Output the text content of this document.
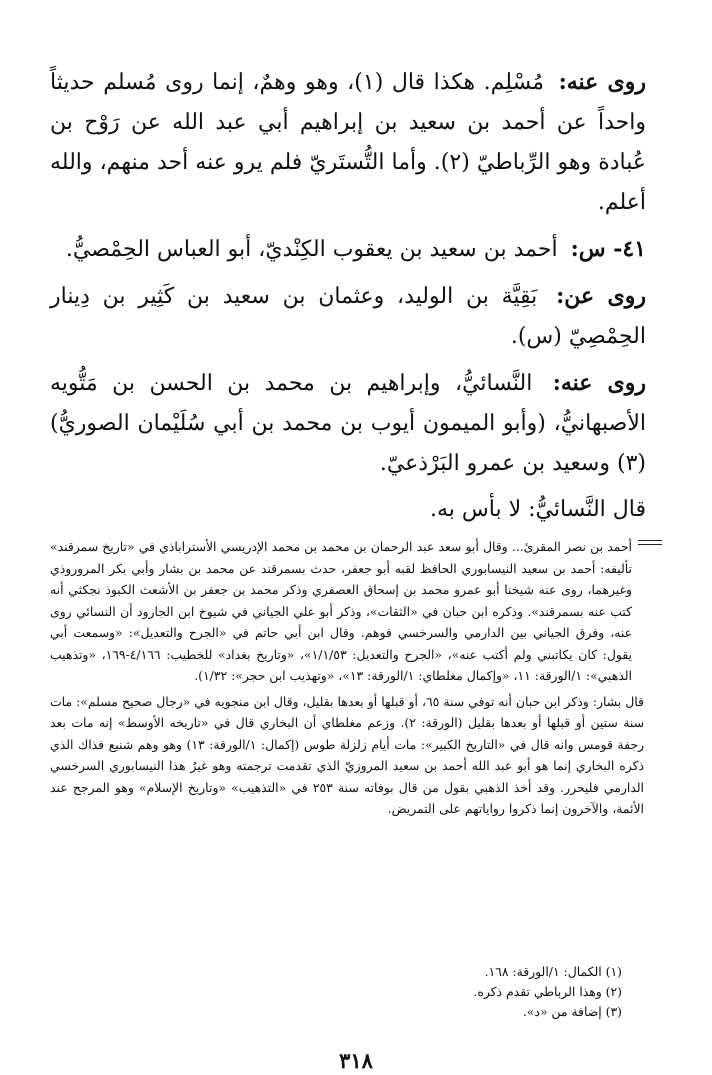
روى عنه: مُسْلِم. هكذا قال (١)، وهو وهمٌ، إنما روى مُسلم حديثاً واحداً عن أحمد بن سعيد بن إبراهيم أبي عبد الله عن رَوْح بن عُبادة وهو الرِّباطيّ (٢). وأما التُّستَريّ فلم يرو عنه أحد منهم، والله أعلم.

٤١- س: أحمد بن سعيد بن يعقوب الكِنْديّ، أبو العباس الحِمْصيُّ.

روى عن: بَقِيَّة بن الوليد، وعثمان بن سعيد بن كَثِير بن دِينار الحِمْصِيّ (س).

روى عنه: النَّسائيُّ، وإبراهيم بن محمد بن الحسن بن مَتُّويه الأصبهانيُّ، (وأبو الميمون أيوب بن محمد بن أبي سُلَيْمان الصوريُّ) (٣) وسعيد بن عمرو البَرْذعيّ.

قال النَّسائيُّ: لا بأس به.

أحمد بن نصر المقرئ... وقال أبو سعد عبد الرحمان بن محمد بن محمد الإدريسي الأستراباذي في «تاريخ سمرقند» تأليفه: أحمد بن سعيد النيسابوري الحافظ لقبه أبو جعفر، حدث بسمرقند عن محمد بن بشار وأبي بكر المروروذي وغيرهما، روى عنه شيخنا أبو عمرو محمد بن إسحاق العصفري وذكر محمد بن جعفر بن الأشعث الكبوذ نجكثي أنه كتب عنه بسمرقند». وذكره ابن حبان في «الثقات»، وذكر أبو علي الجياني في شيوخ ابن الجارود أن النسائي روى عنه، وفرق الجياني بين الدارمي والسرخسي فوهم. وقال ابن أبي حاتم في «الجرح والتعديل»: «وسمعت أبي يقول: كان يكاتبني ولم أكتب عنه»، «الجرح والتعديل: ١/١/٥٣»، «وتاريخ بغداد» للخطيب: ٤/١٦٦-١٦٩، «وتذهيب الذهبي»: ١/الورقة: ١١، «وإكمال مغلطاي: ١/الورقة: ١٣»، «وتهذيب ابن حجر»: ١/٣٢).

قال بشار: وذكر ابن حبان أنه توفي سنة ٦٥، أو قبلها أو بعدها بقليل، وقال ابن منجويه في «رجال صحيح مسلم»: مات سنة ستين أو قبلها أو بعدها بقليل (الورقة: ٢). وزعم مغلطاي أن البخاري قال في «تاريخه الأوسط» إنه مات بعد رجفة قومس وانه قال في «التاريخ الكبير»: مات أيام زلزلة طوس (إكمال: ١/الورقة: ١٣) وهو وهم شنيع فذاك الذي ذكره البخاري إنما هو أبو عبد الله أحمد بن سعيد المروزيّ الذي تقدمت ترجمته وهو غيرُ هذا النيسابوري السرخسي الدارمي فليحرر. وقد أخذ الذهبي بقول من قال بوفاته سنة ٢٥٣ في «التذهيب» «وتاريخ الإسلام» وهو المرجح عند الأئمة، والآخرون إنما ذكروا رواياتهم على التمريض.

(١) الكمال: ١/الورقة: ١٦٨.
(٢) وهذا الرباطي تقدم ذكره.
(٣) إضافة من «د».
٣١٨
